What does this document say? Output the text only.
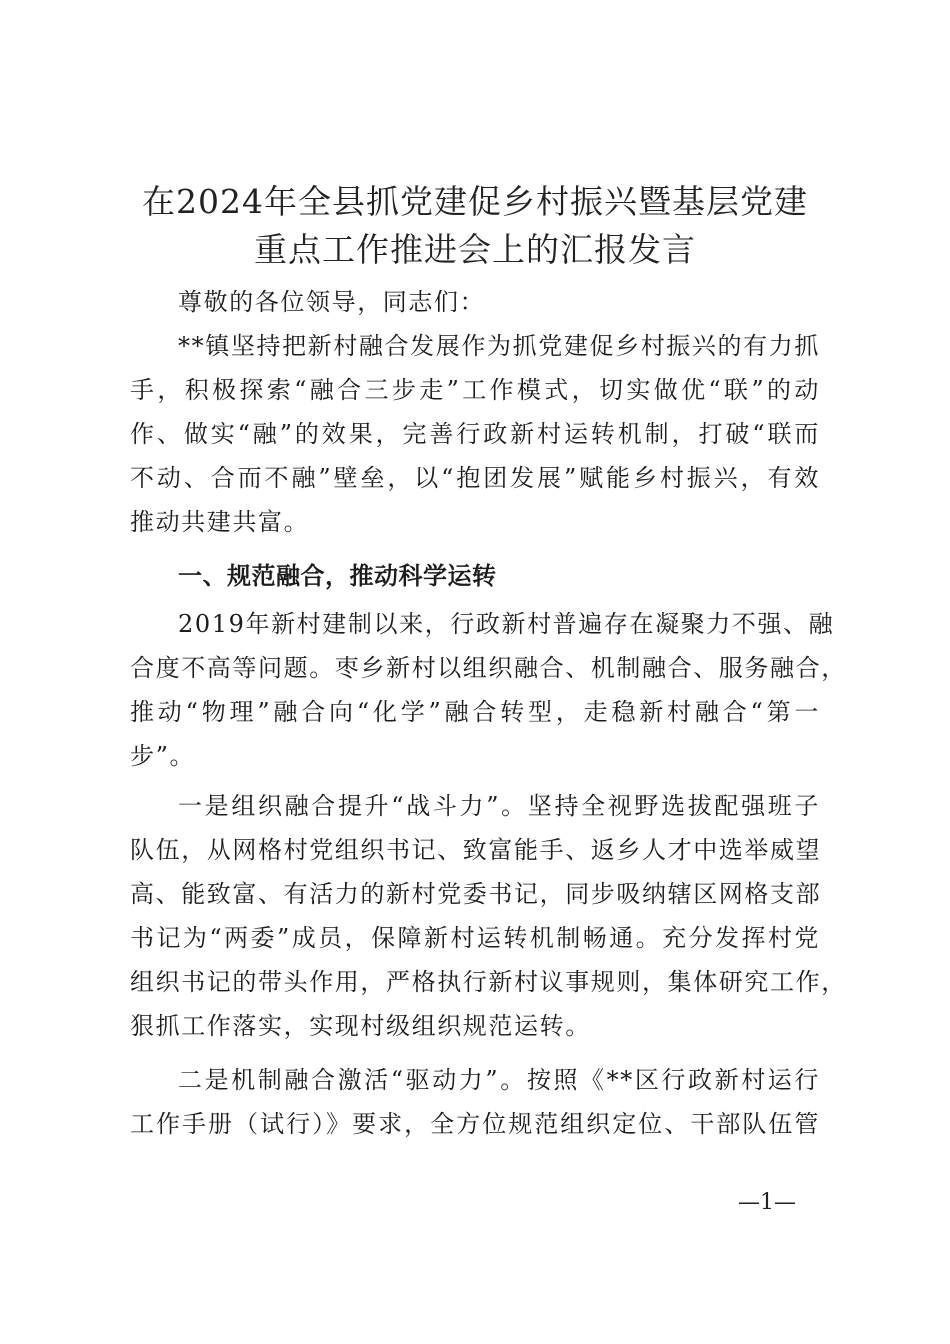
在2024年全县抓党建促乡村振兴暨基层党建
重点工作推进会上的汇报发言
尊敬的各位领导，同志们：
**镇坚持把新村融合发展作为抓党建促乡村振兴的有力抓
手，积极探索“融合三步走”工作模式，切实做优“联”的动
作、做实“融”的效果，完善行政新村运转机制，打破“联而
不动、合而不融”壁垒，以“抱团发展”赋能乡村振兴，有效
推动共建共富。
一、规范融合，推动科学运转
2019年新村建制以来，行政新村普遍存在凝聚力不强、融
合度不高等问题。枣乡新村以组织融合、机制融合、服务融合，
推动“物理”融合向“化学”融合转型，走稳新村融合“第一
步”。
一是组织融合提升“战斗力”。坚持全视野选拔配强班子
队伍，从网格村党组织书记、致富能手、返乡人才中选举威望
高、能致富、有活力的新村党委书记，同步吸纳辖区网格支部
书记为“两委”成员，保障新村运转机制畅通。充分发挥村党
组织书记的带头作用，严格执行新村议事规则，集体研究工作，
狠抓工作落实，实现村级组织规范运转。
二是机制融合激活“驱动力”。按照《**区行政新村运行
工作手册（试行）》要求，全方位规范组织定位、干部队伍管
—1—
